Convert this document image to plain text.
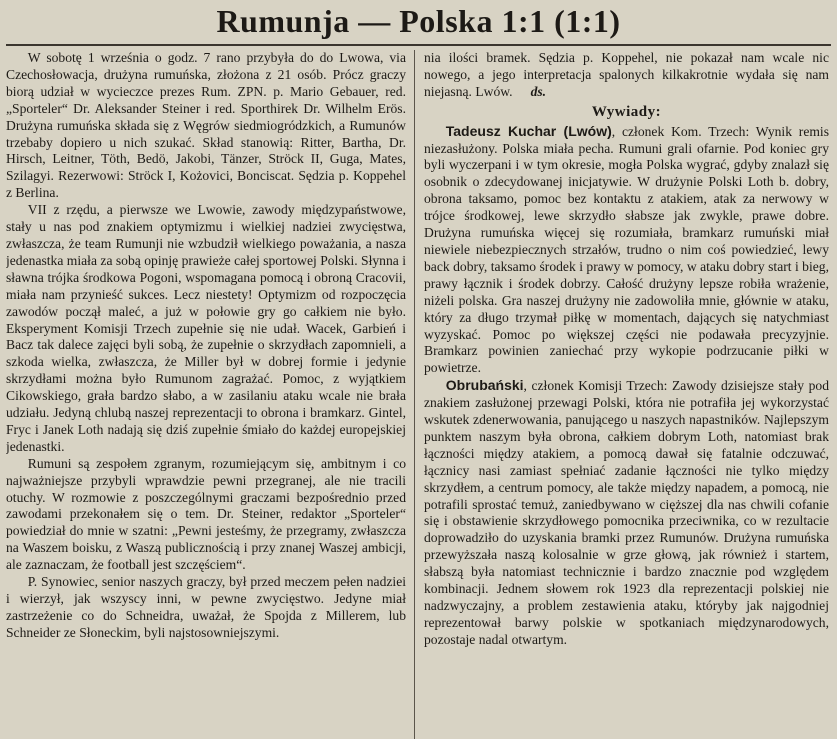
Rumunja — Polska 1:1 (1:1)

W sobotę 1 września o godz. 7 rano przybyła do do Lwowa, via Czechosłowacja, drużyna rumuńska, złożona z 21 osób. Prócz graczy biorą udział w wycieczce prezes Rum. ZPN. p. Mario Gebauer, red. „Sporteler“ Dr. Aleksander Steiner i red. Sporthirek Dr. Wilhelm Erös. Drużyna rumuńska składa się z Węgrów siedmiogródzkich, a Rumunów trzebaby dopiero u nich szukać. Skład stanowią: Ritter, Bartha, Dr. Hirsch, Leitner, Töth, Bedö, Jakobi, Tänzer, Ströck II, Guga, Mates, Szilagyi. Rezerwowi: Ströck I, Kożovici, Bonciscat. Sędzia p. Koppehel z Berlina.

VII z rzędu, a pierwsze we Lwowie, zawody międzypaństwowe, stały u nas pod znakiem optymizmu i wielkiej nadziei zwycięstwa, zwłaszcza, że team Rumunji nie wzbudził wielkiego poważania, a nasza jedenastka miała za sobą opinję prawieże całej sportowej Polski. Słynna i sławna trójka środkowa Pogoni, wspomagana pomocą i obroną Cracovii, miała nam przynieść sukces. Lecz niestety! Optymizm od rozpoczęcia zawodów począł maleć, a już w połowie gry go całkiem nie było. Eksperyment Komisji Trzech zupełnie się nie udał. Wacek, Garbień i Bacz tak dalece zajęci byli sobą, że zupełnie o skrzydłach zapomnieli, a szkoda wielka, zwłaszcza, że Miller był w dobrej formie i jedynie skrzydłami można było Rumunom zagrażać. Pomoc, z wyjątkiem Cikowskiego, grała bardzo słabo, a w zasilaniu ataku wcale nie brała udziału. Jedyną chlubą naszej reprezentacji to obrona i bramkarz. Gintel, Fryc i Janek Loth nadają się dziś zupełnie śmiało do każdej europejskiej jedenastki.

Rumuni są zespołem zgranym, rozumiejącym się, ambitnym i co najważniejsze przybyli wprawdzie pewni przegranej, ale nie tracili otuchy. W rozmowie z poszczególnymi graczami bezpośrednio przed zawodami przekonałem się o tem. Dr. Steiner, redaktor „Sporteler“ powiedział do mnie w szatni: „Pewni jesteśmy, że przegramy, zwłaszcza na Waszem boisku, z Waszą publicznością i przy znanej Waszej ambicji, ale zaznaczam, że football jest szczęściem“.

P. Synowiec, senior naszych graczy, był przed meczem pełen nadziei i wierzył, jak wszyscy inni, w pewne zwycięstwo. Jedyne miał zastrzeżenie co do Schneidra, uważał, że Spojda z Millerem, lub Schneider ze Słoneckim, byli najstosowniejszymi.

nia ilości bramek. Sędzia p. Koppehel, nie pokazał nam wcale nic nowego, a jego interpretacja spalonych kilkakrotnie wydała się nam niejasną. Lwów. ds.

Wywiady:

Tadeusz Kuchar (Lwów), członek Kom. Trzech: Wynik remis niezasłużony. Polska miała pecha. Rumuni grali ofarnie. Pod koniec gry byli wyczerpani i w tym okresie, mogła Polska wygrać, gdyby znalazł się osobnik o zdecydowanej inicjatywie. W drużynie Polski Loth b. dobry, obrona taksamo, pomoc bez kontaktu z atakiem, atak za nerwowy w trójce środkowej, lewe skrzydło słabsze jak zwykle, prawe dobre. Drużyna rumuńska więcej się rozumiała, bramkarz rumuński miał niewiele niebezpiecznych strzałów, trudno o nim coś powiedzieć, lewy back dobry, taksamo środek i prawy w pomocy, w ataku dobry start i bieg, prawy łącznik i środek dobrzy. Całość drużyny lepsze robiła wrażenie, niżeli polska. Gra naszej drużyny nie zadowoliła mnie, głównie w ataku, który za długo trzymał piłkę w momentach, dających się natychmiast wyzyskać. Pomoc po większej części nie podawała precyzyjnie. Bramkarz powinien zaniechać przy wykopie podrzucanie piłki w powietrze.

Obrubański, członek Komisji Trzech: Zawody dzisiejsze stały pod znakiem zasłużonej przewagi Polski, która nie potrafiła jej wykorzystać wskutek zdenerwowania, panującego u naszych napastników. Najlepszym punktem naszym była obrona, całkiem dobrym Loth, natomiast brak łączności między atakiem, a pomocą dawał się fatalnie odczuwać, łącznicy nasi zamiast spełniać zadanie łączności nie tylko między skrzydłem, a centrum pomocy, ale także między napadem, a pomocą, nie potrafili sprostać temuż, zaniedbywano w cięższej dla nas chwili cofanie się i obstawienie skrzydłowego pomocnika przeciwnika, co w rezultacie doprowadziło do uzyskania bramki przez Rumunów. Drużyna rumuńska przewyższała naszą kolosalnie w grze głową, jak również i startem, słabszą była natomiast technicznie i bardzo znacznie pod względem kombinacji. Jednem słowem rok 1923 dla reprezentacji polskiej nie nadzwyczajny, a problem zestawienia ataku, któryby jak najgodniej reprezentował barwy polskie w spotkaniach międzynarodowych, pozostaje nadal otwartym.
